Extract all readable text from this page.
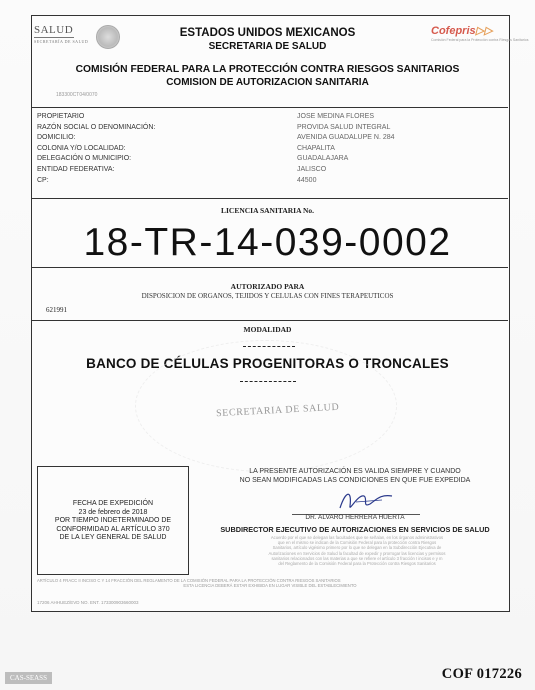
SALUD
SECRETARÍA DE SALUD
Cofepris▷▷
Comisión Federal para la Protección contra Riesgos Sanitarios
ESTADOS UNIDOS MEXICANOS
SECRETARIA DE SALUD
COMISIÓN FEDERAL PARA LA PROTECCIÓN CONTRA RIESGOS SANITARIOS
COMISION DE AUTORIZACION SANITARIA
183300CT04/0070
PROPIETARIO
RAZÓN SOCIAL O DENOMINACIÓN:
DOMICILIO:
COLONIA Y/O LOCALIDAD:
DELEGACIÓN O MUNICIPIO:
ENTIDAD FEDERATIVA:
CP:
JOSE MEDINA FLORES
PROVIDA SALUD INTEGRAL
AVENIDA GUADALUPE N. 284
CHAPALITA
GUADALAJARA
JALISCO
44500
LICENCIA SANITARIA No.
18-TR-14-039-0002
AUTORIZADO PARA
DISPOSICION DE ORGANOS, TEJIDOS Y CELULAS CON FINES TERAPEUTICOS
621991
MODALIDAD
BANCO DE CÉLULAS PROGENITORAS O TRONCALES
SECRETARIA DE SALUD
FECHA DE EXPEDICIÓN
23 de febrero de 2018
POR TIEMPO INDETERMINADO DE
CONFORMIDAD AL ARTÍCULO 370
DE LA LEY GENERAL DE SALUD
LA PRESENTE AUTORIZACIÓN ES VALIDA SIEMPRE Y CUANDO
NO SEAN MODIFICADAS LAS CONDICIONES EN QUE FUE EXPEDIDA
DR. ALVARO HERRERA HUERTA
SUBDIRECTOR EJECUTIVO DE AUTORIZACIONES EN SERVICIOS DE SALUD
Acuerdo por el que se delegan las facultades que se señalan, en los órganos administrativos
que en el mismo se indican de la Comisión Federal para la protección contra Riesgos
Sanitarios, artículo vigésimo primero por lo que se delegan en la Subdirección Ejecutiva de
Autorizaciones en Servicios de Salud la facultad de expedir y prorrogar las licencias y permisos
sanitarios relacionados con las materias a que se refiere el artículo 3 fracción I incisos e y m
del Reglamento de la Comisión Federal para la Protección contra Riesgos Sanitarios
ARTÍCULO 4 FRACC II INCISO C Y 14 FRACCIÓN DEL REGLAMENTO DE LA COMISIÓN FEDERAL PARA LA PROTECCIÓN CONTRA RIESGOS SANITARIOS
ESTA LICENCIA DEBERÁ ESTAR EXHIBIDA EN LUGAR VISIBLE DEL ESTABLECIMIENTO
17206 AHHUEZ/EVD NO. ENT. 173300903660003
CAS-SEASS	COF 017226
